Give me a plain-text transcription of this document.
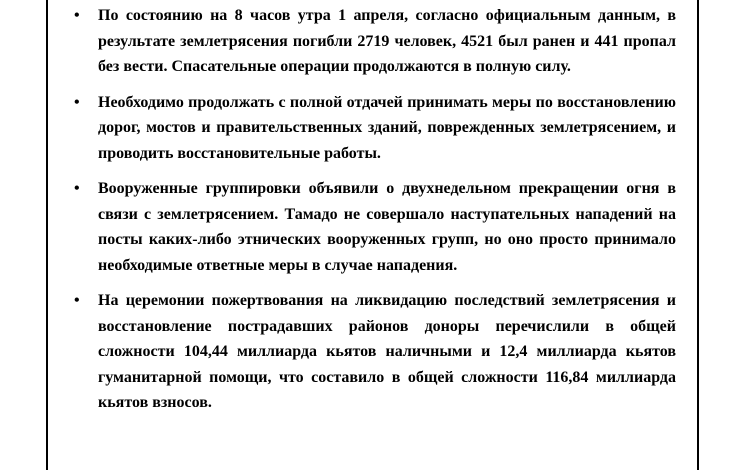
• По состоянию на 8 часов утра 1 апреля, согласно официальным данным, в результате землетрясения погибли 2719 человек, 4521 был ранен и 441 пропал без вести. Спасательные операции продолжаются в полную силу.
• Необходимо продолжать с полной отдачей принимать меры по восстановлению дорог, мостов и правительственных зданий, поврежденных землетрясением, и проводить восстановительные работы.
• Вооруженные группировки объявили о двухнедельном прекращении огня в связи с землетрясением. Тамадо не совершало наступательных нападений на посты каких-либо этнических вооруженных групп, но оно просто принимало необходимые ответные меры в случае нападения.
• На церемонии пожертвования на ликвидацию последствий землетрясения и восстановление пострадавших районов доноры перечислили в общей сложности 104,44 миллиарда кьятов наличными и 12,4 миллиарда кьятов гуманитарной помощи, что составило в общей сложности 116,84 миллиарда кьятов взносов.
